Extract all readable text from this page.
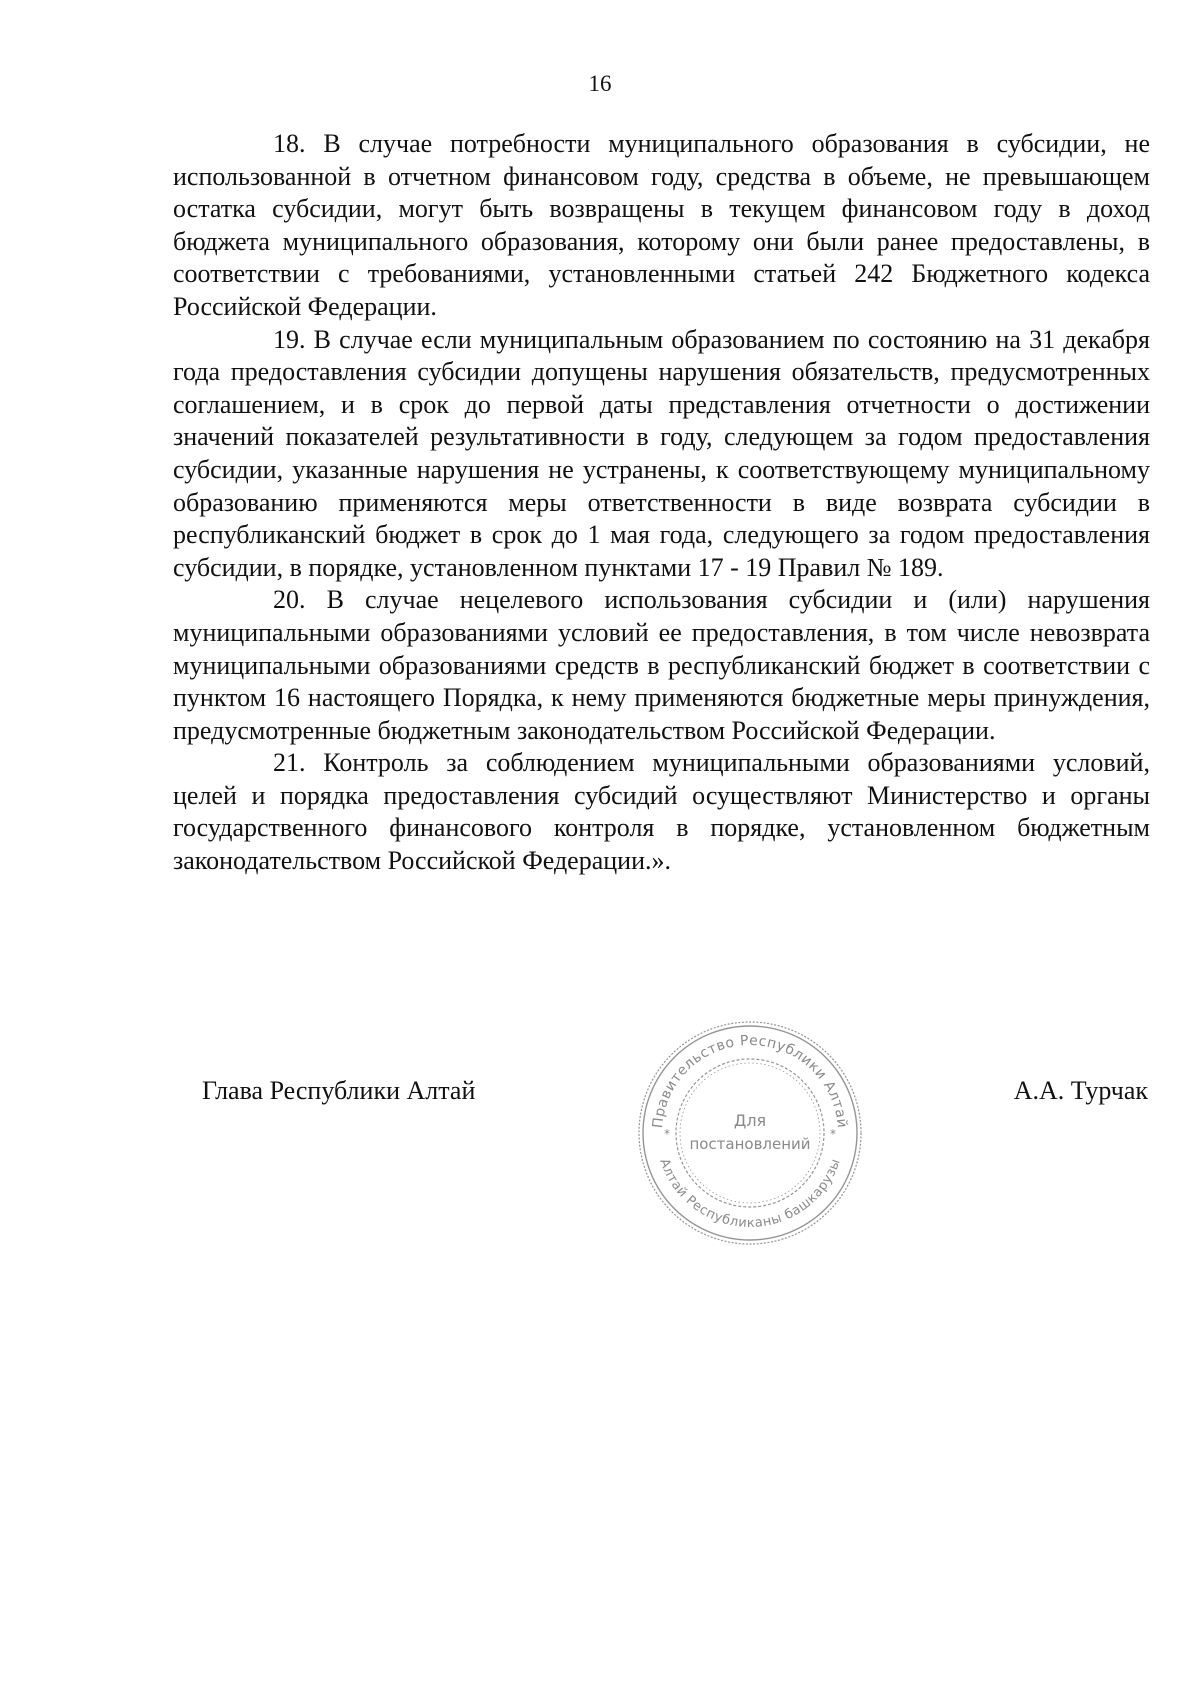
16

18. В случае потребности муниципального образования в субсидии, не использованной в отчетном финансовом году, средства в объеме, не превышающем остатка субсидии, могут быть возвращены в текущем финансовом году в доход бюджета муниципального образования, которому они были ранее предоставлены, в соответствии с требованиями, установленными статьей 242 Бюджетного кодекса Российской Федерации.

19. В случае если муниципальным образованием по состоянию на 31 декабря года предоставления субсидии допущены нарушения обязательств, предусмотренных соглашением, и в срок до первой даты представления отчетности о достижении значений показателей результативности в году, следующем за годом предоставления субсидии, указанные нарушения не устранены, к соответствующему муниципальному образованию применяются меры ответственности в виде возврата субсидии в республиканский бюджет в срок до 1 мая года, следующего за годом предоставления субсидии, в порядке, установленном пунктами 17 - 19 Правил № 189.

20. В случае нецелевого использования субсидии и (или) нарушения муниципальными образованиями условий ее предоставления, в том числе невозврата муниципальными образованиями средств в республиканский бюджет в соответствии с пунктом 16 настоящего Порядка, к нему применяются бюджетные меры принуждения, предусмотренные бюджетным законодательством Российской Федерации.

21. Контроль за соблюдением муниципальными образованиями условий, целей и порядка предоставления субсидий осуществляют Министерство и органы государственного финансового контроля в порядке, установленном бюджетным законодательством Российской Федерации.».

Глава Республики Алтай	А.А. Турчак
Правительство Республики Алтай
Алтай Республиканы башкарузы
*	*
Для
постановлений
